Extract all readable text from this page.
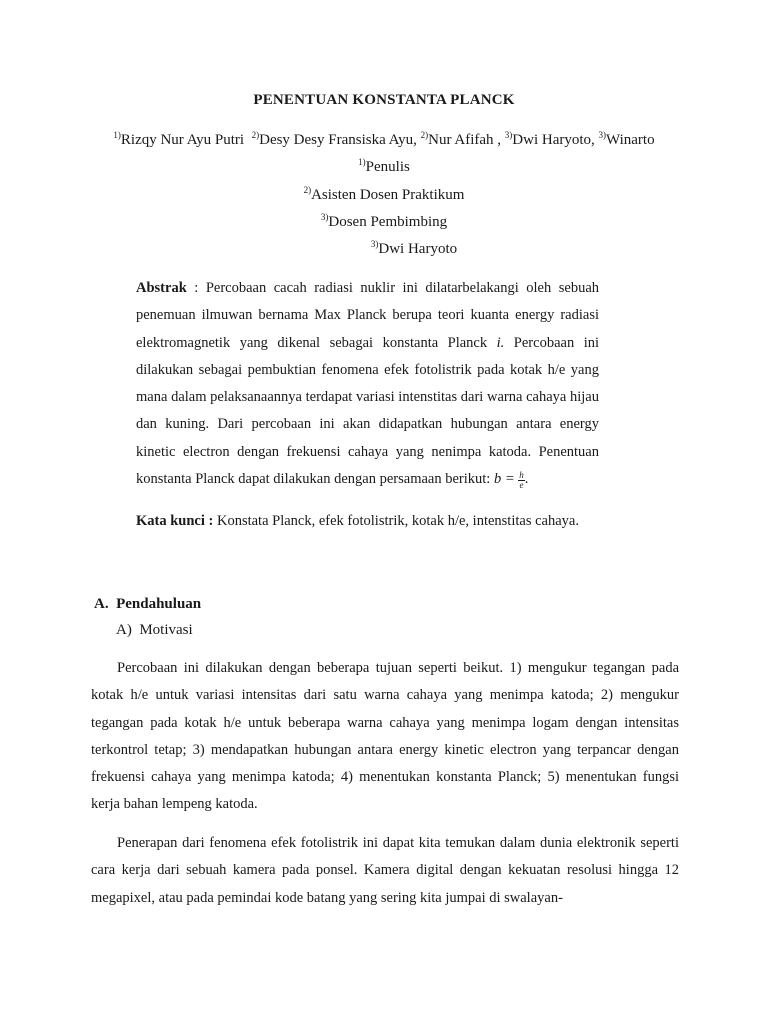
PENENTUAN KONSTANTA PLANCK
$^{1)}$Rizqy Nur Ayu Putri  $^{2)}$Desy Desy Fransiska Ayu, $^{2)}$Nur Afifah , $^{3)}$Dwi Haryoto, $^{3)}$Winarto
$^{1)}$Penulis
$^{2)}$Asisten Dosen Praktikum
$^{3)}$Dosen Pembimbing
$^{3)}$Dwi Haryoto

Abstrak : Percobaan cacah radiasi nuklir ini dilatarbelakangi oleh sebuah penemuan ilmuwan bernama Max Planck berupa teori kuanta energy radiasi elektromagnetik yang dikenal sebagai konstanta Planck i. Percobaan ini dilakukan sebagai pembuktian fenomena efek fotolistrik pada kotak h/e yang mana dalam pelaksanaannya terdapat variasi intenstitas dari warna cahaya hijau dan kuning. Dari percobaan ini akan didapatkan hubungan antara energy kinetic electron dengan frekuensi cahaya yang nenimpa katoda. Penentuan konstanta Planck dapat dilakukan dengan persamaan berikut: $b = \frac{h}{e}$ .

Kata kunci : Konstata Planck, efek fotolistrik, kotak h/e, intenstitas cahaya.
A.  Pendahuluan
A)  Motivasi

Percobaan ini dilakukan dengan beberapa tujuan seperti beikut. 1) mengukur tegangan pada kotak h/e untuk variasi intensitas dari satu warna cahaya yang menimpa katoda; 2) mengukur tegangan pada kotak h/e untuk beberapa warna cahaya yang menimpa logam dengan intensitas terkontrol tetap; 3) mendapatkan hubungan antara energy kinetic electron yang terpancar dengan frekuensi cahaya yang menimpa katoda; 4) menentukan konstanta Planck; 5) menentukan fungsi kerja bahan lempeng katoda.

Penerapan dari fenomena efek fotolistrik ini dapat kita temukan dalam dunia elektronik seperti cara kerja dari sebuah kamera pada ponsel. Kamera digital dengan kekuatan resolusi hingga 12 megapixel, atau pada pemindai kode batang yang sering kita jumpai di swalayan-
